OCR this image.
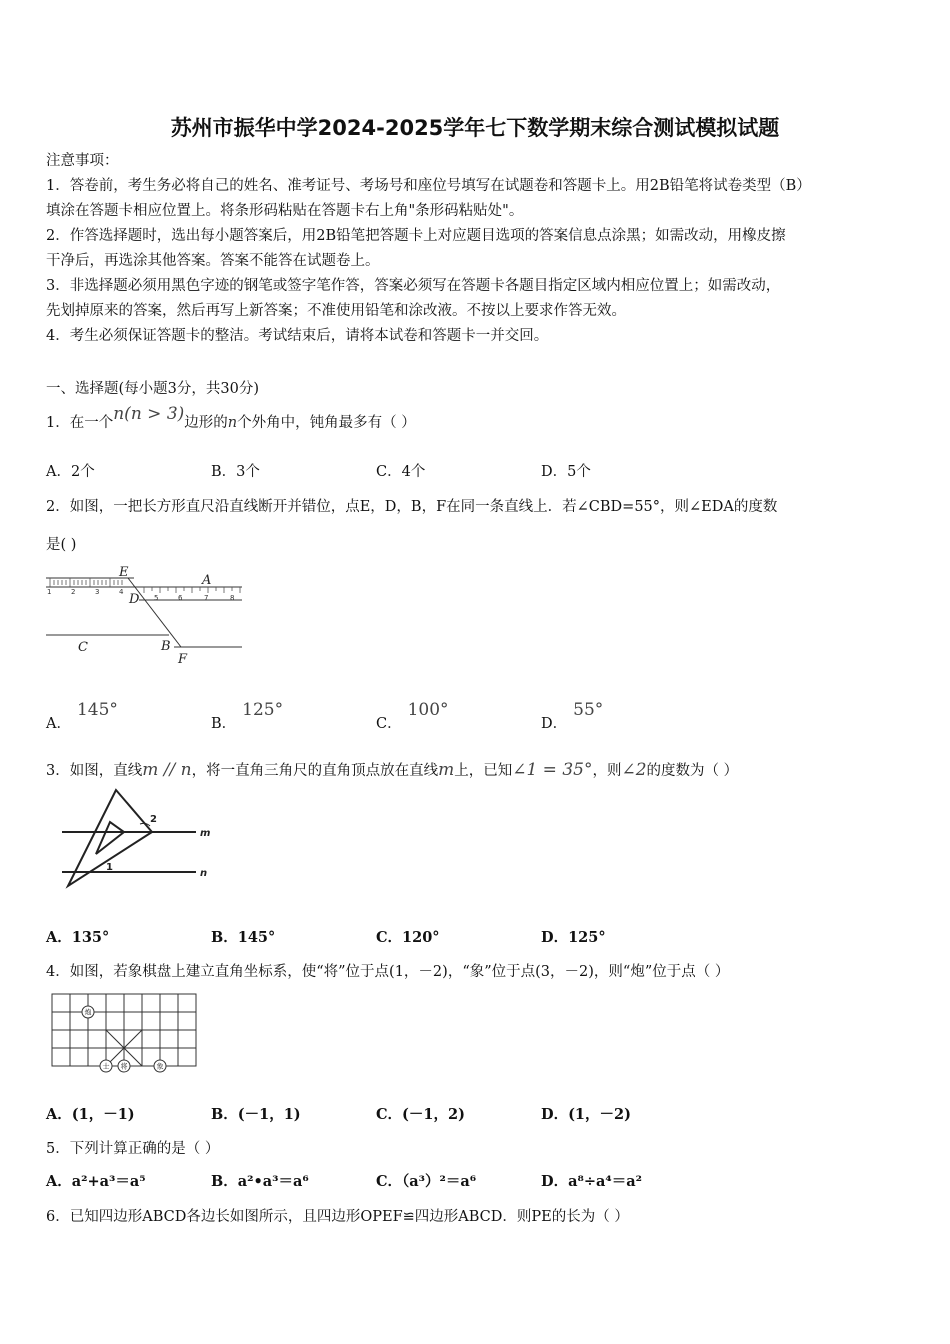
苏州市振华中学2024-2025学年七下数学期末综合测试模拟试题
注意事项：
1．答卷前，考生务必将自己的姓名、准考证号、考场号和座位号填写在试题卷和答题卡上。用2B铅笔将试卷类型（B）
填涂在答题卡相应位置上。将条形码粘贴在答题卡右上角"条形码粘贴处"。
2．作答选择题时，选出每小题答案后，用2B铅笔把答题卡上对应题目选项的答案信息点涂黑；如需改动，用橡皮擦
干净后，再选涂其他答案。答案不能答在试题卷上。
3．非选择题必须用黑色字迹的钢笔或签字笔作答，答案必须写在答题卡各题目指定区域内相应位置上；如需改动，
先划掉原来的答案，然后再写上新答案；不准使用铅笔和涂改液。不按以上要求作答无效。
4．考生必须保证答题卡的整洁。考试结束后，请将本试卷和答题卡一并交回。
一、选择题(每小题3分，共30分)
1．在一个n(n > 3)边形的n个外角中，钝角最多有（ ）
A．2个	B．3个	C．4个	D．5个
2．如图，一把长方形直尺沿直线断开并错位，点E，D，B，F在同一条直线上．若∠CBD=55°，则∠EDA的度数
是( )
1	2	3	4
5	6	7	8
E
A
D
C	B
F
A．145°
B．125°
C．100°
D．55°
3．如图，直线m // n，将一直角三角尺的直角顶点放在直线m上，已知∠1 = 35°，则∠2的度数为（ ）
2
1
m
n
A．135°	B．145°	C．120°	D．125°
4．如图，若象棋盘上建立直角坐标系，使“将”位于点(1，－2)，“象”位于点(3，－2)，则“炮”位于点（ ）
炮
士 将	象
A．(1，－1)	B．(－1，1)	C．(－1，2)	D．(1，－2)
5．下列计算正确的是（ ）
A．a²+a³＝a⁵	B．a²•a³＝a⁶	C．（a³）²＝a⁶	D．a⁸÷a⁴＝a²
6．已知四边形ABCD各边长如图所示，且四边形OPEF≌四边形ABCD．则PE的长为（ ）
